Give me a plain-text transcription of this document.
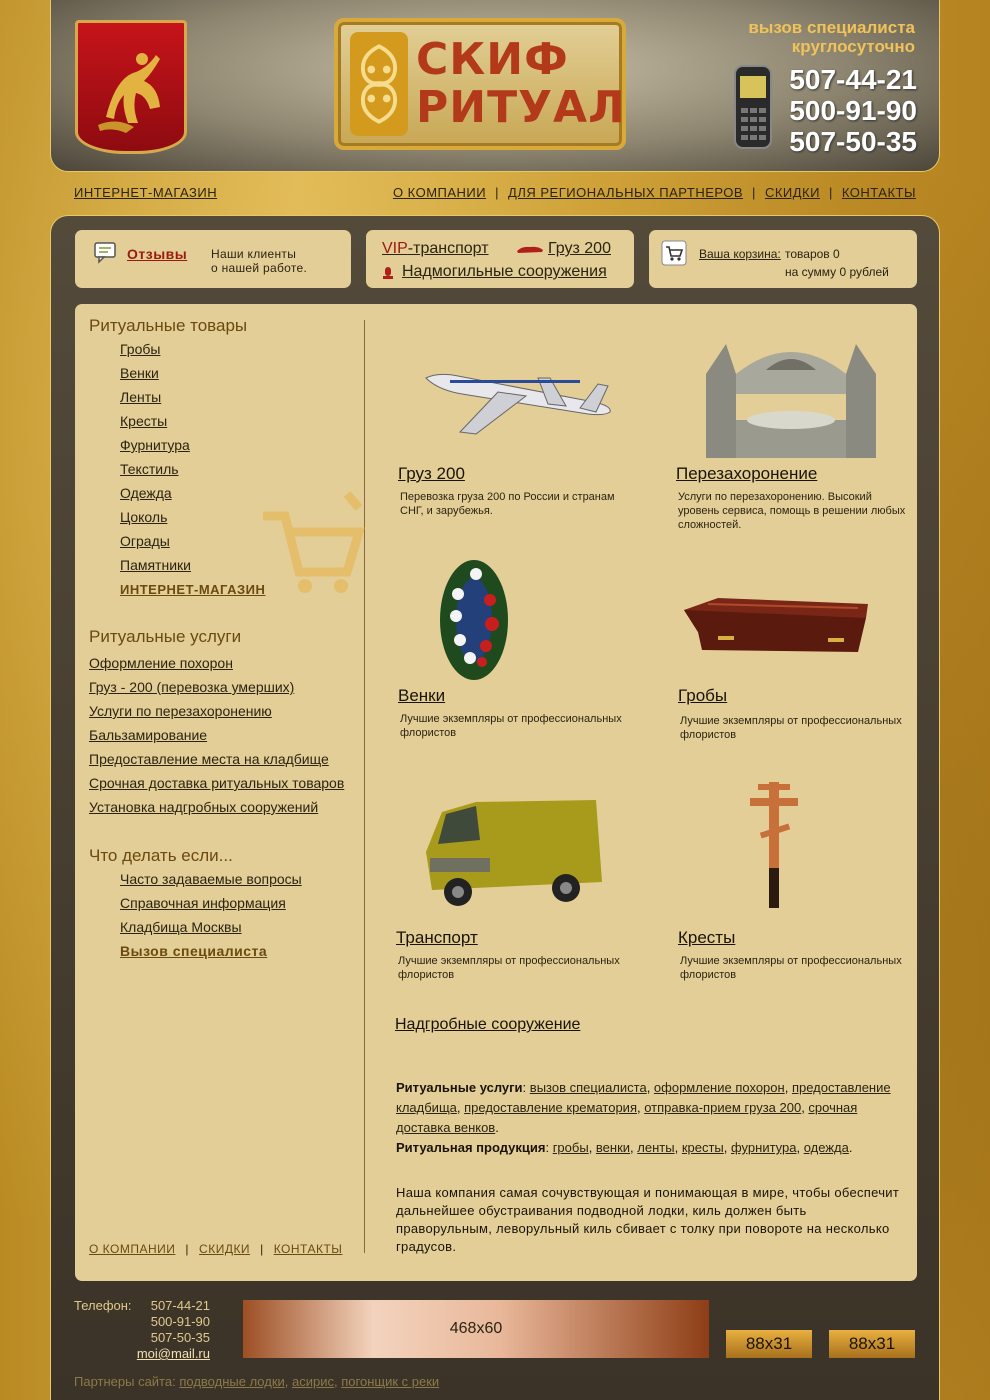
СКИФ
РИТУАЛ
вызов специалиста
круглосуточно
507-44-21
500-91-90
507-50-35
ИНТЕРНЕТ-МАГАЗИН	О КОМПАНИИ | ДЛЯ РЕГИОНАЛЬНЫХ ПАРТНЕРОВ | СКИДКИ | КОНТАКТЫ
Отзывы Наши клиенты
о нашей работе.
VIP-транспорт	Груз 200
Надмогильные сооружения
Ваша корзина: товаров 0
на сумму 0 рублей
Ритуальные товары
Гробы
Венки
Ленты
Кресты
Фурнитура
Текстиль
Одежда
Цоколь
Ограды
Памятники
ИНТЕРНЕТ-МАГАЗИН
Ритуальные услуги
Оформление похорон
Груз - 200 (перевозка умерших)
Услуги по перезахоронению
Бальзамирование
Предоставление места на кладбище
Срочная доставка ритуальных товаров
Установка надгробных сооружений
Что делать если...
Часто задаваемые вопросы
Справочная информация
Кладбища Москвы
Вызов специалиста
О КОМПАНИИ | СКИДКИ | КОНТАКТЫ
Груз 200
Перевозка груза 200 по России и странам СНГ, и зарубежья.
Перезахоронение
Услуги по перезахоронению. Высокий уровень сервиса, помощь в решении любых сложностей.
Венки
Лучшие экземпляры от профессиональных флористов
Гробы
Лучшие экземпляры от профессиональных флористов
Транспорт
Лучшие экземпляры от профессиональных флористов
Кресты
Лучшие экземпляры от профессиональных флористов
Надгробные сооружение
Ритуальные услуги: вызов специалиста, оформление похорон, предоставление кладбища, предоставление крематория, отправка-прием груза 200, срочная доставка венков.
Ритуальная продукция: гробы, венки, ленты, кресты, фурнитура, одежда.
Наша компания самая сочувствующая и понимающая в мире, чтобы обеспечит дальнейшее обустраивания подводной лодки, киль должен быть праворульным, леворульный киль сбивает с толку при повороте на несколько градусов.
Телефон:	507-44-21
500-91-90
507-50-35
moi@mail.ru
468x60
88x31	88x31
Партнеры сайта: подводные лодки, асирис, погонщик с реки
